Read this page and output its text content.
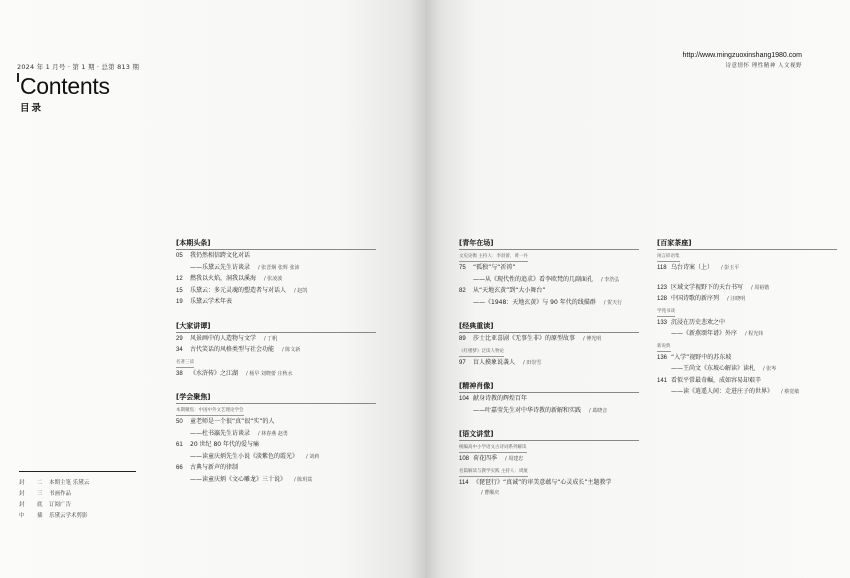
2024 年 1 月号 · 第 1 期 · 总第 813 期
Contents
目录
[本期头条]
05	我仍然相信跨文化对话
——乐黛云先生访谈录 / 张晋炯 张辉 张沛
12	燃我以火焰，洞我以溪海 / 张凌波
15	乐黛云：多元灵魂的塑造者与对话人 / 赵凯
19	乐黛云学术年表
[大家讲谭]
29	风景画中的人造物与文学 / 丁帆
34	古代笑话的风格类型与社会功能 / 陈文新
名著三读
38	《水浒传》之江湖 / 杨早 刘晓蕾 庄秋水
[学会聚焦]
本期聚焦：中国中外文艺理论学会
50	童老师是一个很“真”很“实”的人
——杜书瀛先生访谈录 / 林春燕 赵勇
61	20 世纪 80 年代的爱与痛
——读童庆炳先生小说《淡紫色的霞光》 / 刘莉
66	古典与新声的律制
——读童庆炳《文心雕龙》三十说》 / 陈玥蒿
封	二	本期主笔 乐黛云
封	三	书画作品
封	底	订阅广告
中	插	乐黛云学术剪影
http://www.mingzuoxinshang1980.com
诗意情怀 理性精神 人文视野
[青年在场]
文史论衡 主持人：李羽蕾，黄一丹
75	“孤独”与“祈祷”
——从《现代性的追求》看李欧梵的几副面孔 / 李浩弘
82	从“天地玄黄”到“大小舞台”
——《1948：天地玄黄》与 90 年代的线描群 / 贺天行
[经典重读]
89	莎士比亚喜剧《无事生非》的原型故事 / 傅光明
《红楼梦》泛读人物论
97	盲人摸象说袭人 / 田崇雪
[精神肖像]
104 献身诗教的辉煌百年
——叶嘉莹先生对中华诗教的新解和实践 / 葛晓音
[语文讲堂]
统编高中小学语文古诗词系列解读
108 荷花四季 / 周建忠
名篇解读与教学实践 主持人：周航
114 《琵琶行》“真诚”的审美意蕴与“心灵成长”主题教学
/ 曹顺庆
[百家茶座]
闲言碎语集
118 乌台诗案（上） / 彭玉平
123 区域文学视野下的天台书写 / 周裕锴
128 中国诗歌的新序列 / 汪晓明
学苑书谈
133 沉浸在历史悲欢之中
——《新燕颂年谱》外序 / 程光炜
新说典
136 “入学”视野中的苏东坡
——王尚文《东坡心解读》读札 / 张岑
141 看似平常最奇崛，成如容易却艰辛
——读《逍遥人间：走进庄子的世界》 / 蔡觉敏
